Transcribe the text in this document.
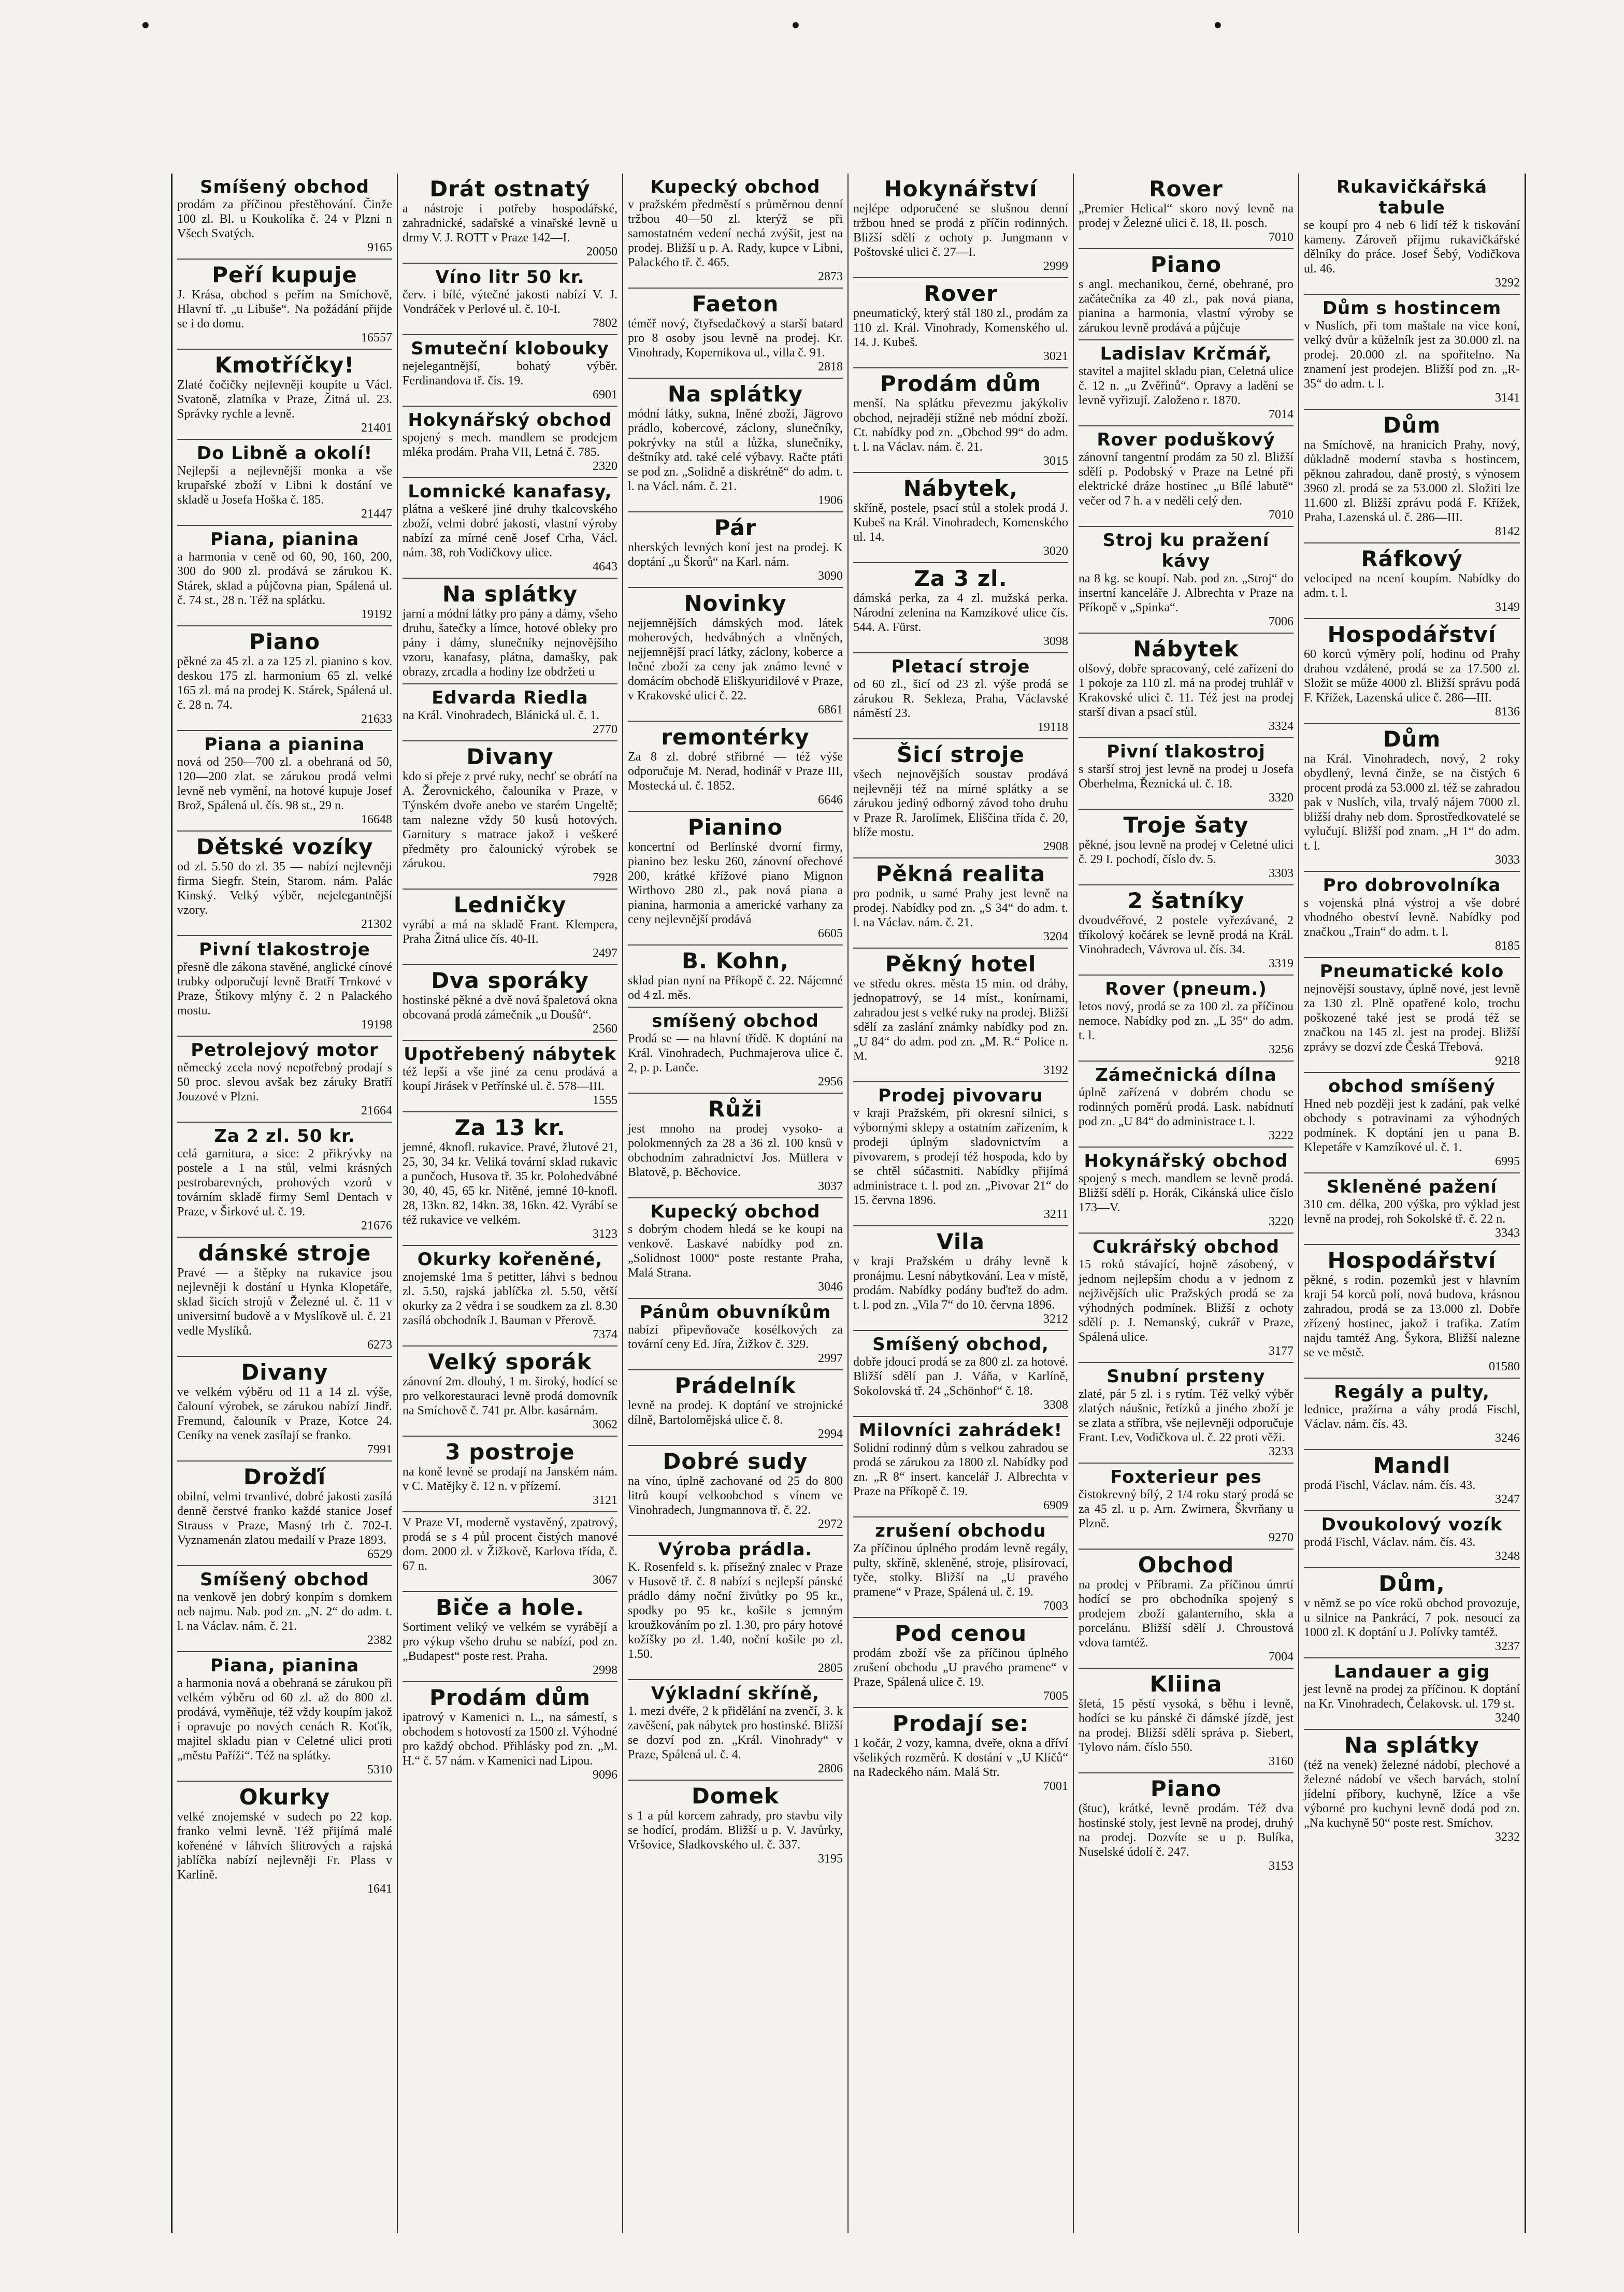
•	•	•
Smíšený obchod
prodám za příčinou přestěhování. Činže 100 zl. Bl. u Koukolíka č. 24 v Plzni n Všech Svatých.
9165
Peří kupuje
J. Krása, obchod s peřím na Smíchově, Hlavní tř. „u Libuše“. Na požádání přijde se i do domu.
16557
Kmotříčky!
Zlaté čočičky nejlevněji koupíte u Václ. Svatoně, zlatníka v Praze, Žitná ul. 23. Správky rychle a levně.
21401
Do Libně a okolí!
Nejlepší a nejlevnější monka a vše krupařské zboží v Libni k dostání ve skladě u Josefa Hoška č. 185.
21447
Piana, pianina
a harmonia v ceně od 60, 90, 160, 200, 300 do 900 zl. prodává se zárukou K. Stárek, sklad a půjčovna pian, Spálená ul. č. 74 st., 28 n. Též na splátku.
19192
Piano
pěkné za 45 zl. a za 125 zl. pianino s kov. deskou 175 zl. harmonium 65 zl. velké 165 zl. má na prodej K. Stárek, Spálená ul. č. 28 n. 74.
21633
Piana a pianina
nová od 250—700 zl. a obehraná od 50, 120—200 zlat. se zárukou prodá velmi levně neb vymění, na hotové kupuje Josef Brož, Spálená ul. čís. 98 st., 29 n.
16648
Dětské vozíky
od zl. 5.50 do zl. 35 — nabízí nejlevněji firma Siegfr. Stein, Starom. nám. Palác Kinský. Velký výběr, nejelegantnější vzory.
21302
Pivní tlakostroje
přesně dle zákona stavěné, anglické cínové trubky odporučují levně Bratří Trnkové v Praze, Štikovy mlýny č. 2 n Palackého mostu.
19198
Petrolejový motor
německý zcela nový nepotřebný prodají s 50 proc. slevou avšak bez záruky Bratří Jouzové v Plzni.
21664
Za 2 zl. 50 kr.
celá garnitura, a sice: 2 přikrývky na postele a 1 na stůl, velmi krásných pestrobarevných, prohových vzorů v továrním skladě firmy Seml Dentach v Praze, v Širkové ul. č. 19.
21676
dánské stroje
Pravé — a štěpky na rukavice jsou nejlevněji k dostání u Hynka Klopetáře, sklad šicích strojů v Železné ul. č. 11 v universitní budově a v Myslíkově ul. č. 21 vedle Myslíků.
6273
Divany
ve velkém výběru od 11 a 14 zl. výše, čalouní výrobek, se zárukou nabízí Jindř. Fremund, čalouník v Praze, Kotce 24. Ceníky na venek zasílají se franko.
7991
Drožďí
obilní, velmi trvanlivé, dobré jakosti zasílá denně čerstvé franko každé stanice Josef Strauss v Praze, Masný trh č. 702-I. Vyznamenán zlatou medailí v Praze 1893.
6529
Smíšený obchod
na venkově jen dobrý konpím s domkem neb najmu. Nab. pod zn. „N. 2“ do adm. t. l. na Václav. nám. č. 21.
2382
Piana, pianina
a harmonia nová a obehraná se zárukou při velkém výběru od 60 zl. až do 800 zl. prodává, vyměňuje, též vždy koupím jakož i opravuje po nových cenách R. Koťík, majitel skladu pian v Celetné ulici proti „městu Paříži“. Též na splátky.
5310
Okurky
velké znojemské v sudech po 22 kop. franko velmi levně. Též přijímá malé kořenéné v láhvích šlitrových a rajská jablíčka nabízí nejlevněji Fr. Plass v Karlíně.
1641
Drát ostnatý
a nástroje i potřeby hospodářské, zahradnické, sadařské a vinařské levně u drmy V. J. ROTT v Praze 142—I.
20050
Víno litr 50 kr.
červ. i bílé, výtečné jakosti nabízí V. J. Vondráček v Perlové ul. č. 10-I.
7802
Smuteční klobouky
nejelegantnější, bohatý výběr. Ferdinandova tř. čís. 19.
6901
Hokynářský obchod
spojený s mech. mandlem se prodejem mléka prodám. Praha VII, Letná č. 785.
2320
Lomnické kanafasy,
plátna a veškeré jiné druhy tkalcovského zboží, velmi dobré jakosti, vlastní výroby nabízí za mírné ceně Josef Crha, Václ. nám. 38, roh Vodičkovy ulice.
4643
Na splátky
jarní a módní látky pro pány a dámy, všeho druhu, šatečky a límce, hotové obleky pro pány i dámy, slunečníky nejnovějšího vzoru, kanafasy, plátna, damašky, pak obrazy, zrcadla a hodiny lze obdržeti u
Edvarda Riedla
na Král. Vinohradech, Blánická ul. č. 1.
2770
Divany
kdo si přeje z prvé ruky, nechť se obrátí na A. Žerovnického, čalouníka v Praze, v Týnském dvoře anebo ve starém Ungeltě; tam nalezne vždy 50 kusů hotových. Garnitury s matrace jakož i veškeré předměty pro čalounický výrobek se zárukou.
7928
Ledničky
vyrábí a má na skladě Frant. Klempera, Praha Žitná ulice čís. 40-II.
2497
Dva sporáky
hostinské pěkné a dvě nová špaletová okna obcovaná prodá zámečník „u Doušů“.
2560
Upotřebený nábytek
též lepší a vše jiné za cenu prodává a koupí Jirásek v Petřínské ul. č. 578—III.
1555
Za 13 kr.
jemné, 4knofl. rukavice. Pravé, žlutové 21, 25, 30, 34 kr. Veliká tovární sklad rukavic a punčoch, Husova tř. 35 kr. Polohedvábné 30, 40, 45, 65 kr. Nitěné, jemné 10-knofl. 28, 13kn. 82, 14kn. 38, 16kn. 42. Vyrábí se též rukavice ve velkém.
3123
Okurky kořeněné,
znojemské 1ma š petitter, láhvi s bednou zl. 5.50, rajská jablíčka zl. 5.50, větší okurky za 2 vědra i se soudkem za zl. 8.30 zasílá obchodník J. Bauman v Přerově.
7374
Velký sporák
zánovní 2m. dlouhý, 1 m. široký, hodící se pro velkorestauraci levně prodá domovník na Smíchově č. 741 pr. Albr. kasárnám.
3062
3 postroje
na koně levně se prodají na Janském nám. v C. Matějky č. 12 n. v přízemí.
3121
V Praze VI, moderně vystavěný, zpatrový, prodá se s 4 půl procent čistých manové dom. 2000 zl. v Žižkově, Karlova třída, č. 67 n.
3067
Biče a hole.
Sortiment veliký ve velkém se vyrábějí a pro výkup všeho druhu se nabízí, pod zn. „Budapest“ poste rest. Praha.
2998
Prodám dům
ipatrový v Kamenici n. L., na sámestí, s obchodem s hotovostí za 1500 zl. Výhodné pro každý obchod. Přihlásky pod zn. „M. H.“ č. 57 nám. v Kamenici nad Lipou.
9096
Kupecký obchod
v pražském předměstí s průměrnou denní tržbou 40—50 zl. kterýž se při samostatném vedení nechá zvýšit, jest na prodej. Bližší u p. A. Rady, kupce v Libni, Palackého tř. č. 465.
2873
Faeton
téměř nový, čtyřsedačkový a starší batard pro 8 osoby jsou levně na prodej. Kr. Vinohrady, Kopernikova ul., villa č. 91.
2818
Na splátky
módní látky, sukna, lněné zboží, Jägrovo prádlo, kobercové, záclony, slunečníky, pokrývky na stůl a lůžka, slunečníky, deštníky atd. také celé výbavy. Račte ptáti se pod zn. „Solidně a diskrétně“ do adm. t. l. na Václ. nám. č. 21.
1906
Pár
nherských levných koní jest na prodej. K doptání „u Škorů“ na Karl. nám.
3090
Novinky
nejjemnějších dámských mod. látek moherových, hedvábných a vlněných, nejjemnější prací látky, záclony, koberce a lněné zboží za ceny jak známo levné v domácím obchodě Eliškyuridilové v Praze, v Krakovské ulici č. 22.
6861
remontérky
Za 8 zl. dobré stříbrné — též výše odporučuje M. Nerad, hodinář v Praze III, Mostecká ul. č. 1852.
6646
Pianino
koncertní od Berlínské dvorní firmy, pianino bez lesku 260, zánovní ořechové 200, krátké křížové piano Mignon Wirthovo 280 zl., pak nová piana a pianina, harmonia a americké varhany za ceny nejlevnější prodává
6605
B. Kohn,
sklad pian nyní na Příkopě č. 22. Nájemné od 4 zl. měs.
smíšený obchod
Prodá se — na hlavní třídě. K doptání na Král. Vinohradech, Puchmajerova ulice č. 2, p. p. Lanče.
2956
Růži
jest mnoho na prodej vysoko- a polokmenných za 28 a 36 zl. 100 knsů v obchodním zahradnictví Jos. Müllera v Blatově, p. Běchovice.
3037
Kupecký obchod
s dobrým chodem hledá se ke koupi na venkově. Laskavé nabídky pod zn. „Solidnost 1000“ poste restante Praha, Malá Strana.
3046
Pánům obuvníkům
nabízí připevňovače kosélkových za tovární ceny Ed. Jíra, Žižkov č. 329.
2997
Prádelník
levně na prodej. K doptání ve strojnické dílně, Bartolomějská ulice č. 8.
2994
Dobré sudy
na víno, úplně zachované od 25 do 800 litrů koupí velkoobchod s vínem ve Vinohradech, Jungmannova tř. č. 22.
2972
Výroba prádla.
K. Rosenfeld s. k. přísežný znalec v Praze v Husově tř. č. 8 nabízí s nejlepší pánské prádlo dámy noční živůtky po 95 kr., spodky po 95 kr., košile s jemným kroužkováním po zl. 1.30, pro páry hotové kožíšky po zl. 1.40, noční košile po zl. 1.50.
2805
Výkladní skříně,
1. mezi dvéře, 2 k přidělání na zvenčí, 3. k zavěšení, pak nábytek pro hostinské. Bližší se dozví pod zn. „Král. Vinohrady“ v Praze, Spálená ul. č. 4.
2806
Domek
s 1 a půl korcem zahrady, pro stavbu vily se hodící, prodám. Bližší u p. V. Javůrky, Vršovice, Sladkovského ul. č. 337.
3195
Hokynářství
nejlépe odporučené se slušnou denní tržbou hned se prodá z příčin rodinných. Bližší sdělí z ochoty p. Jungmann v Poštovské ulici č. 27—I.
2999
Rover
pneumatický, který stál 180 zl., prodám za 110 zl. Král. Vinohrady, Komenského ul. 14. J. Kubeš.
3021
Prodám dům
menší. Na splátku převezmu jakýkoliv obchod, nejraději stížné neb módní zboží. Ct. nabídky pod zn. „Obchod 99“ do adm. t. l. na Václav. nám. č. 21.
3015
Nábytek,
skříně, postele, psací stůl a stolek prodá J. Kubeš na Král. Vinohradech, Komenského ul. 14.
3020
Za 3 zl.
dámská perka, za 4 zl. mužská perka. Národní zelenina na Kamzíkové ulice čís. 544. A. Fürst.
3098
Pletací stroje
od 60 zl., šicí od 23 zl. výše prodá se zárukou R. Sekleza, Praha, Václavské náměstí 23.
19118
Šicí stroje
všech nejnovějších soustav prodává nejlevněji též na mírné splátky a se zárukou jediný odborný závod toho druhu v Praze R. Jarolímek, Eliščina třída č. 20, blíže mostu.
2908
Pěkná realita
pro podnik, u samé Prahy jest levně na prodej. Nabídky pod zn. „S 34“ do adm. t. l. na Václav. nám. č. 21.
3204
Pěkný hotel
ve středu okres. města 15 min. od dráhy, jednopatrový, se 14 míst., konírnami, zahradou jest s velké ruky na prodej. Bližší sdělí za zaslání známky nabídky pod zn. „U 84“ do adm. pod zn. „M. R.“ Police n. M.
3192
Prodej pivovaru
v kraji Pražském, při okresní silnici, s výbornými sklepy a ostatním zařízením, k prodeji úplným sladovnictvím a pivovarem, s prodejí též hospoda, kdo by se chtěl súčastniti. Nabídky přijímá administrace t. l. pod zn. „Pivovar 21“ do 15. června 1896.
3211
Vila
v kraji Pražském u dráhy levně k pronájmu. Lesní nábytkování. Lea v místě, prodám. Nabídky podány buďtež do adm. t. l. pod zn. „Vila 7“ do 10. června 1896.
3212
Smíšený obchod,
dobře jdoucí prodá se za 800 zl. za hotové. Bližší sdělí pan J. Váňa, v Karlíně, Sokolovská tř. 24 „Schönhof“ č. 18.
3308
Milovníci zahrádek!
Solidní rodinný dům s velkou zahradou se prodá se zárukou za 1800 zl. Nabídky pod zn. „R 8“ insert. kancelář J. Albrechta v Praze na Příkopě č. 19.
6909
zrušení obchodu
Za příčinou úplného prodám levně regály, pulty, skříně, skleněné, stroje, plisírovací, tyče, stolky. Bližší na „U pravého pramene“ v Praze, Spálená ul. č. 19.
7003
Pod cenou
prodám zboží vše za příčinou úplného zrušení obchodu „U pravého pramene“ v Praze, Spálená ulice č. 19.
7005
Prodají se:
1 kočár, 2 vozy, kamna, dveře, okna a dříví všelikých rozměrů. K dostání v „U Klíčů“ na Radeckého nám. Malá Str.
7001
Rover
„Premier Helical“ skoro nový levně na prodej v Železné ulici č. 18, II. posch.
7010
Piano
s angl. mechanikou, černé, obehrané, pro začátečníka za 40 zl., pak nová piana, pianina a harmonia, vlastní výroby se zárukou levně prodává a půjčuje
Ladislav Krčmář,
stavitel a majitel skladu pian, Celetná ulice č. 12 n. „u Zvěřinů“. Opravy a ladění se levně vyřizují. Založeno r. 1870.
7014
Rover poduškový
zánovní tangentní prodám za 50 zl. Bližší sdělí p. Podobský v Praze na Letné při elektrické dráze hostinec „u Bílé labutě“ večer od 7 h. a v neděli celý den.
7010
Stroj ku pražení kávy
na 8 kg. se koupí. Nab. pod zn. „Stroj“ do insertní kanceláře J. Albrechta v Praze na Příkopě v „Spinka“.
7006
Nábytek
olšový, dobře spracovaný, celé zařízení do 1 pokoje za 110 zl. má na prodej truhlář v Krakovské ulici č. 11. Též jest na prodej starší divan a psací stůl.
3324
Pivní tlakostroj
s starší stroj jest levně na prodej u Josefa Oberhelma, Řeznická ul. č. 18.
3320
Troje šaty
pěkné, jsou levně na prodej v Celetné ulici č. 29 I. pochodí, číslo dv. 5.
3303
2 šatníky
dvoudvéřové, 2 postele vyřezávané, 2 tříkolový kočárek se levně prodá na Král. Vinohradech, Vávrova ul. čís. 34.
3319
Rover (pneum.)
letos nový, prodá se za 100 zl. za příčinou nemoce. Nabídky pod zn. „L 35“ do adm. t. l.
3256
Zámečnická dílna
úplně zařízená v dobrém chodu se rodinných poměrů prodá. Lask. nabídnutí pod zn. „U 84“ do administrace t. l.
3222
Hokynářský obchod
spojený s mech. mandlem se levně prodá. Bližší sdělí p. Horák, Cikánská ulice číslo 173—V.
3220
Cukrářský obchod
15 roků stávající, hojně zásobený, v jednom nejlepším chodu a v jednom z nejživějších ulic Pražských prodá se za výhodných podmínek. Bližší z ochoty sdělí p. J. Nemanský, cukrář v Praze, Spálená ulice.
3177
Snubní prsteny
zlaté, pár 5 zl. i s rytím. Též velký výběr zlatých náušnic, řetízků a jiného zboží je se zlata a stříbra, vše nejlevněji odporučuje Frant. Lev, Vodičkova ul. č. 22 proti věži.
3233
Foxterieur pes
čistokrevný bílý, 2 1/4 roku starý prodá se za 45 zl. u p. Arn. Zwirnera, Škvrňany u Plzně.
9270
Obchod
na prodej v Příbrami. Za příčinou úmrtí hodící se pro obchodníka spojený s prodejem zboží galanterního, skla a porcelánu. Bližší sdělí J. Chroustová vdova tamtéž.
7004
Kliina
šletá, 15 pěstí vysoká, s běhu i levně, hodíci se ku pánské či dámské jízdě, jest na prodej. Bližší sdělí správa p. Siebert, Tylovo nám. číslo 550.
3160
Piano
(štuc), krátké, levně prodám. Též dva hostinské stoly, jest levně na prodej, druhý na prodej. Dozvíte se u p. Bulíka, Nuselské údolí č. 247.
3153
Rukavičkářská tabule
se koupí pro 4 neb 6 lidí též k tiskování kameny. Zároveň přijmu rukavičkářské dělníky do práce. Josef Šebý, Vodičkova ul. 46.
3292
Dům s hostincem
v Nuslích, při tom maštale na vice koní, velký dvůr a kůželník jest za 30.000 zl. na prodej. 20.000 zl. na spořitelno. Na znamení jest prodejen. Bližší pod zn. „R-35“ do adm. t. l.
3141
Dům
na Smíchově, na hranicích Prahy, nový, důkladně moderní stavba s hostincem, pěknou zahradou, daně prostý, s výnosem 3960 zl. prodá se za 53.000 zl. Složiti lze 11.600 zl. Bližší zprávu podá F. Křížek, Praha, Lazenská ul. č. 286—III.
8142
Ráfkový
velociped na ncení koupím. Nabídky do adm. t. l.
3149
Hospodářství
60 korců výměry polí, hodinu od Prahy drahou vzdálené, prodá se za 17.500 zl. Složit se může 4000 zl. Bližší správu podá F. Křížek, Lazenská ulice č. 286—III.
8136
Dům
na Král. Vinohradech, nový, 2 roky obydlený, levná činže, se na čistých 6 procent prodá za 53.000 zl. též se zahradou pak v Nuslích, vila, trvalý nájem 7000 zl. bližší drahy neb dom. Sprostředkovatelé se vylučují. Bližší pod znam. „H 1“ do adm. t. l.
3033
Pro dobrovolníka
s vojenská plná výstroj a vše dobré vhodného obeství levně. Nabídky pod značkou „Train“ do adm. t. l.
8185
Pneumatické kolo
nejnovější soustavy, úplně nové, jest levně za 130 zl. Plně opatřené kolo, trochu poškozené také jest se prodá též se značkou na 145 zl. jest na prodej. Bližší zprávy se dozví zde Česká Třebová.
9218
obchod smíšený
Hned neb později jest k zadání, pak velké obchody s potravinami za výhodných podmínek. K doptání jen u pana B. Klepetáře v Kamzíkové ul. č. 1.
6995
Skleněné pažení
310 cm. délka, 200 výška, pro výklad jest levně na prodej, roh Sokolské tř. č. 22 n.
3343
Hospodářství
pěkné, s rodin. pozemků jest v hlavním kraji 54 korců polí, nová budova, krásnou zahradou, prodá se za 13.000 zl. Dobře zřízený hostinec, jakož i trafika. Zatím najdu tamtéž Ang. Šykora, Bližší nalezne se ve městě.
01580
Regály a pulty,
lednice, pražírna a váhy prodá Fischl, Václav. nám. čís. 43.
3246
Mandl
prodá Fischl, Václav. nám. čís. 43.
3247
Dvoukolový vozík
prodá Fischl, Václav. nám. čís. 43.
3248
Dům,
v němž se po více roků obchod provozuje, u silnice na Pankrácí, 7 pok. nesoucí za 1000 zl. K doptání u J. Polívky tamtéž.
3237
Landauer a gig
jest levně na prodej za příčinou. K doptání na Kr. Vinohradech, Čelakovsk. ul. 179 st.
3240
Na splátky
(též na venek) železné nádobí, plechové a železné nádobí ve všech barvách, stolní jídelní příbory, kuchyně, lžíce a vše výborné pro kuchyni levně dodá pod zn. „Na kuchyně 50“ poste rest. Smíchov.
3232
